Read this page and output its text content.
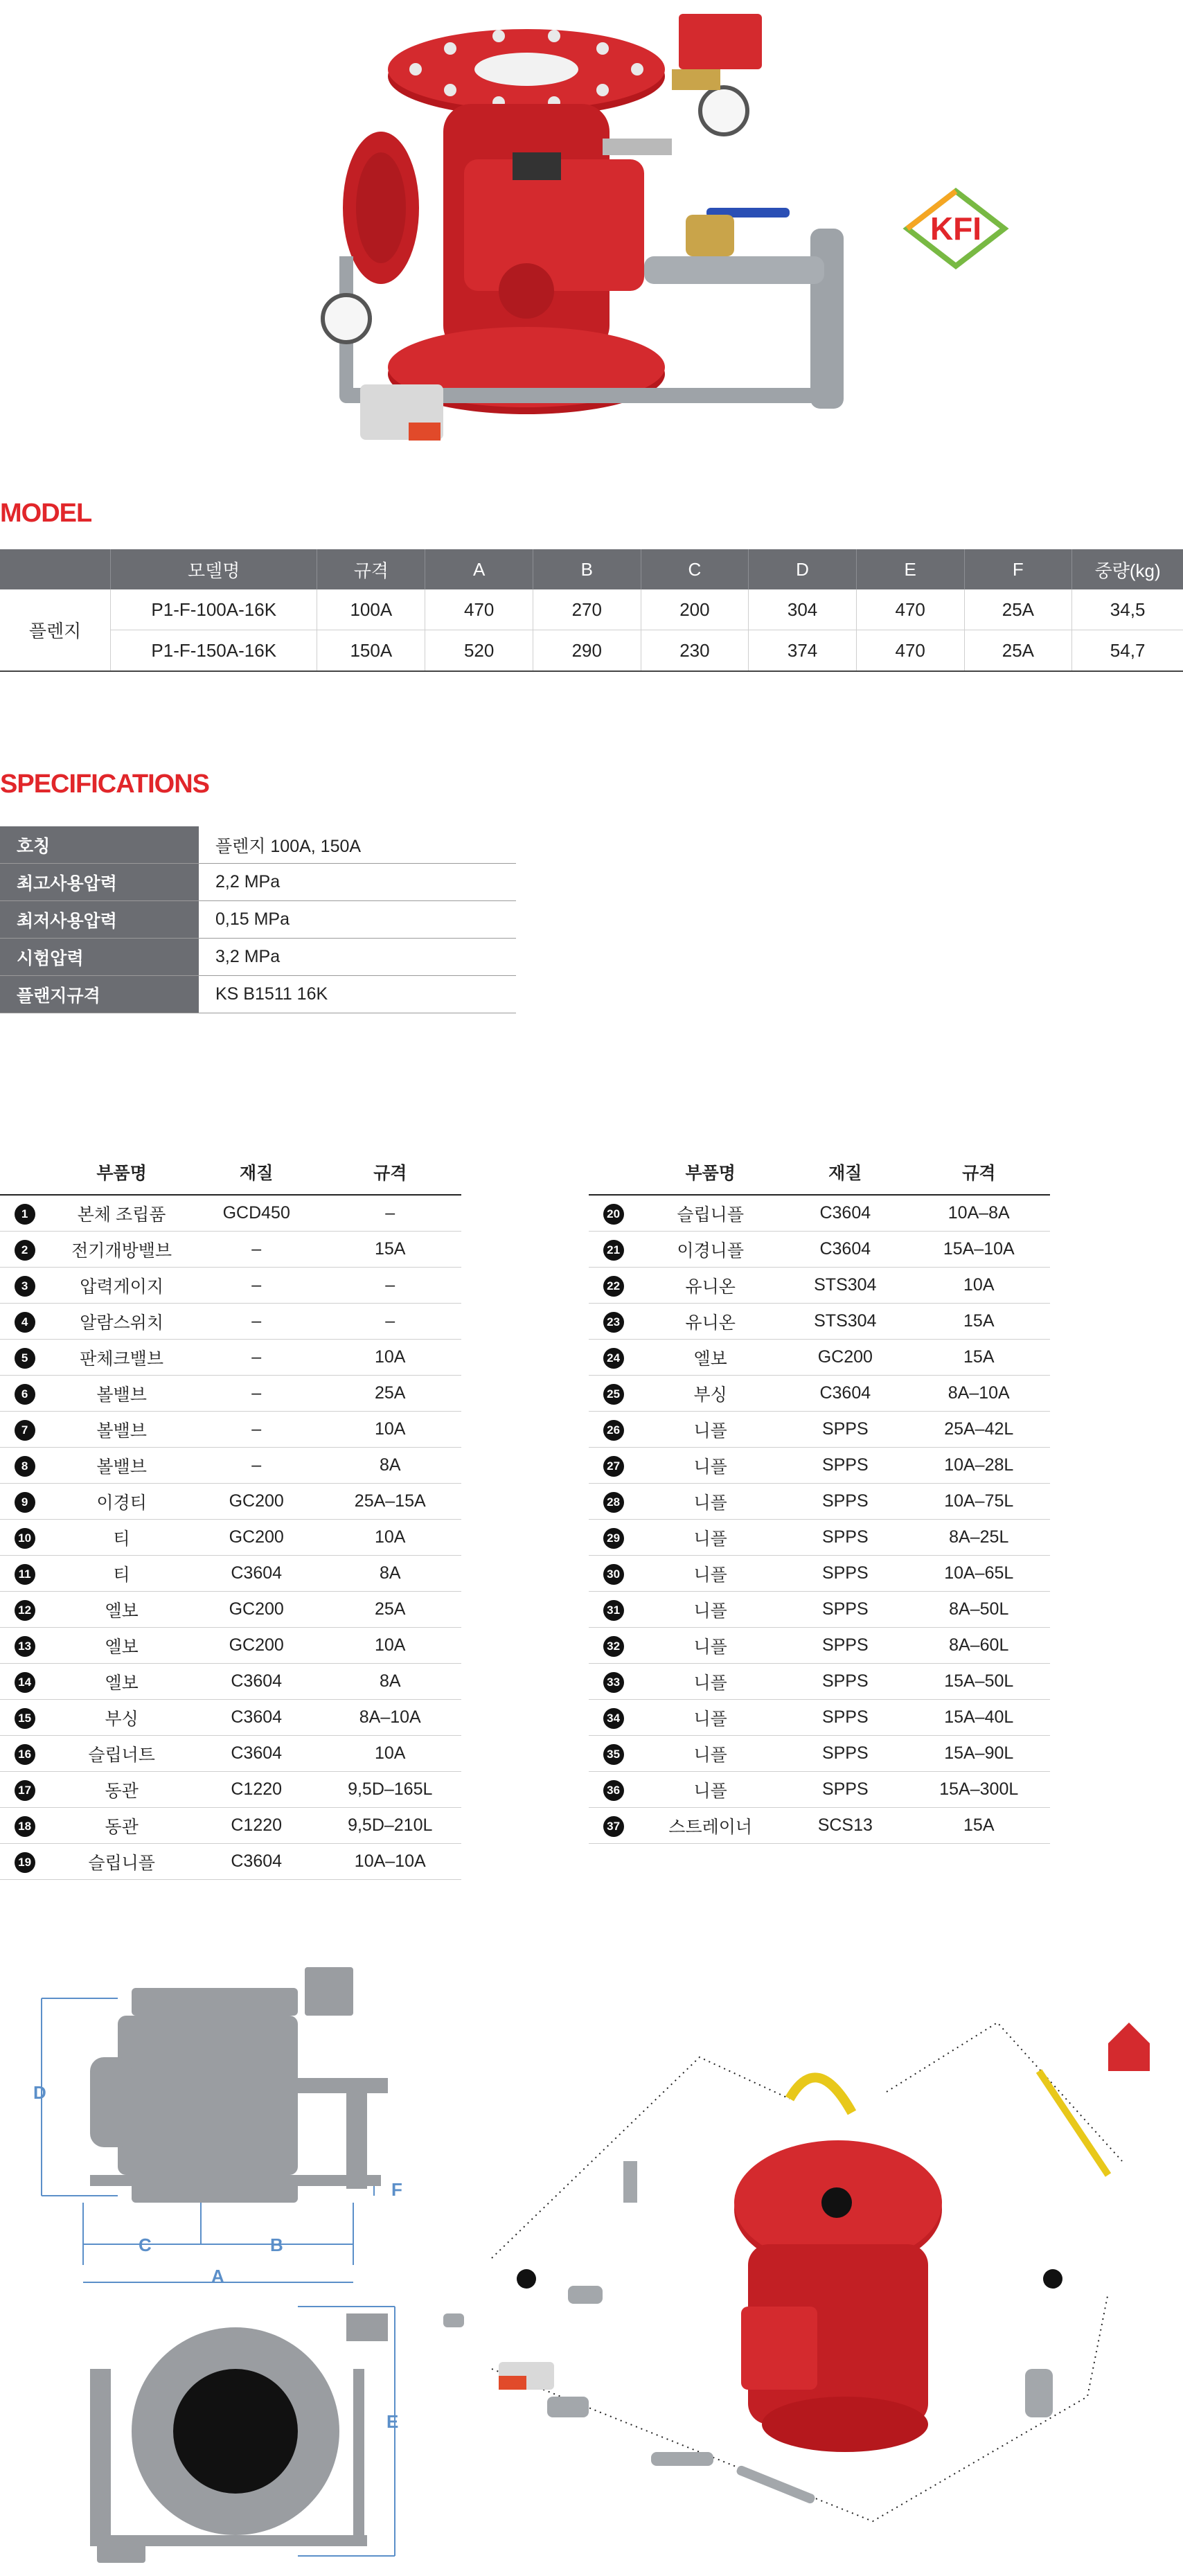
KFI
MODEL
	모델명	규격	A	B	C	D	E	F	중량(kg)
플렌지	P1-F-100A-16K	100A	470	270	200	304	470	25A	34,5
	P1-F-150A-16K	150A	520	290	230	374	470	25A	54,7
SPECIFICATIONS
호칭	플렌지 100A, 150A
최고사용압력	2,2 MPa
최저사용압력	0,15 MPa
시험압력	3,2 MPa
플랜지규격	KS B1511 16K
	부품명	재질	규격
1	본체 조립품	GCD450	–
2	전기개방밸브	–	15A
3	압력게이지	–	–
4	알람스위치	–	–
5	판체크밸브	–	10A
6	볼밸브	–	25A
7	볼밸브	–	10A
8	볼밸브	–	8A
9	이경티	GC200	25A–15A
10	티	GC200	10A
11	티	C3604	8A
12	엘보	GC200	25A
13	엘보	GC200	10A
14	엘보	C3604	8A
15	부싱	C3604	8A–10A
16	슬립너트	C3604	10A
17	동관	C1220	9,5D–165L
18	동관	C1220	9,5D–210L
19	슬립니플	C3604	10A–10A
	부품명	재질	규격
20	슬립니플	C3604	10A–8A
21	이경니플	C3604	15A–10A
22	유니온	STS304	10A
23	유니온	STS304	15A
24	엘보	GC200	15A
25	부싱	C3604	8A–10A
26	니플	SPPS	25A–42L
27	니플	SPPS	10A–28L
28	니플	SPPS	10A–75L
29	니플	SPPS	8A–25L
30	니플	SPPS	10A–65L
31	니플	SPPS	8A–50L
32	니플	SPPS	8A–60L
33	니플	SPPS	15A–50L
34	니플	SPPS	15A–40L
35	니플	SPPS	15A–90L
36	니플	SPPS	15A–300L
37	스트레이너	SCS13	15A
D
F
C	B
A
E
